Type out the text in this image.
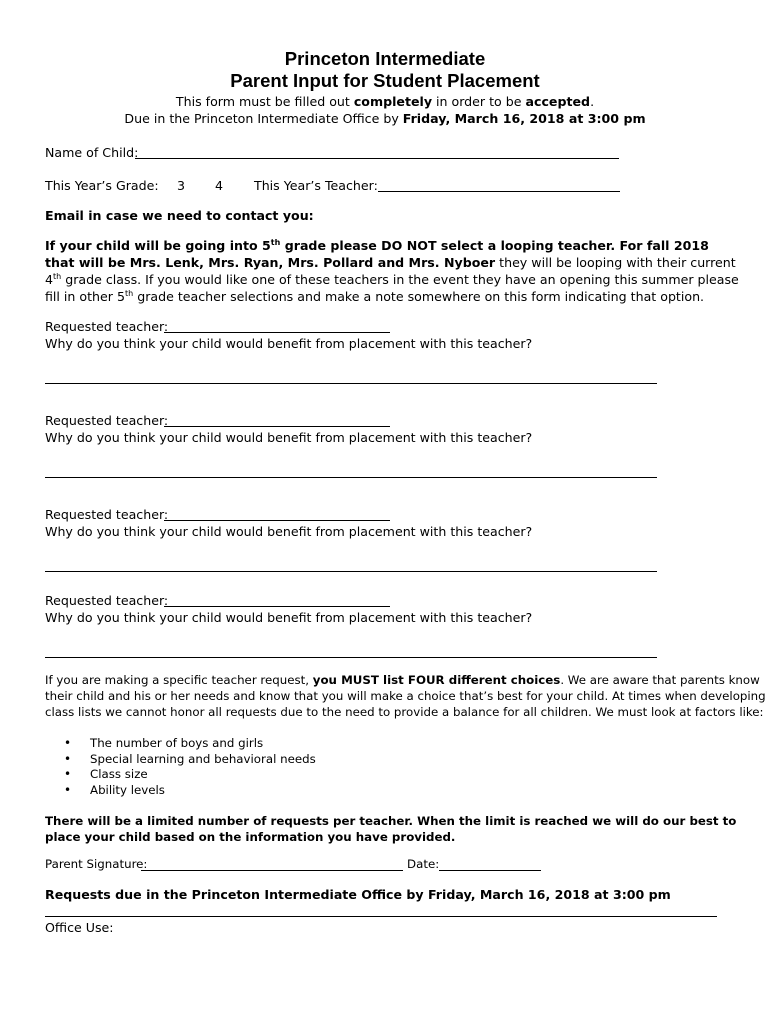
Princeton Intermediate
Parent Input for Student Placement
This form must be filled out completely in order to be accepted.
Due in the Princeton Intermediate Office by Friday, March 16, 2018 at 3:00 pm
Name of Child:
This Year’s Grade: 3 4 This Year’s Teacher:
Email in case we need to contact you:
If your child will be going into 5th grade please DO NOT select a looping teacher. For fall 2018
that will be Mrs. Lenk, Mrs. Ryan, Mrs. Pollard and Mrs. Nyboer they will be looping with their current
4th grade class. If you would like one of these teachers in the event they have an opening this summer please
fill in other 5th grade teacher selections and make a note somewhere on this form indicating that option.
Requested teacher:
Why do you think your child would benefit from placement with this teacher?
Requested teacher:
Why do you think your child would benefit from placement with this teacher?
Requested teacher:
Why do you think your child would benefit from placement with this teacher?
Requested teacher:
Why do you think your child would benefit from placement with this teacher?
If you are making a specific teacher request, you MUST list FOUR different choices. We are aware that parents know
their child and his or her needs and know that you will make a choice that’s best for your child. At times when developing
class lists we cannot honor all requests due to the need to provide a balance for all children. We must look at factors like:
• The number of boys and girls
• Special learning and behavioral needs
• Class size
• Ability levels
There will be a limited number of requests per teacher. When the limit is reached we will do our best to
place your child based on the information you have provided.
Parent Signature:	Date:
Requests due in the Princeton Intermediate Office by Friday, March 16, 2018 at 3:00 pm
Office Use:
